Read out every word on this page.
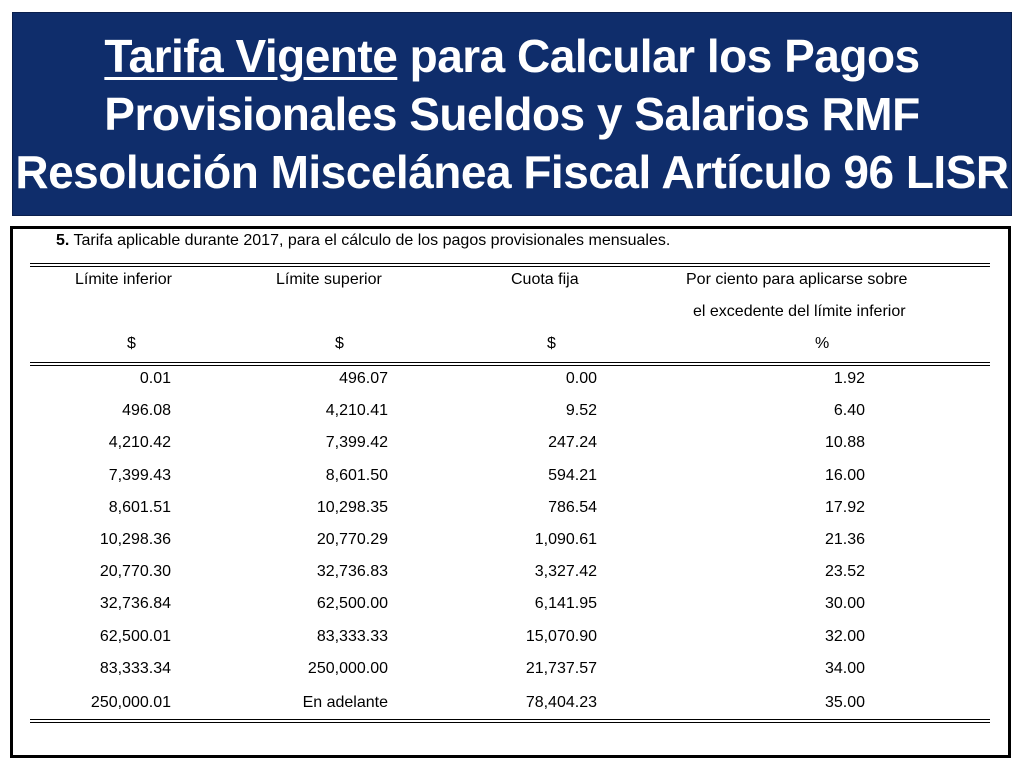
Tarifa Vigente para Calcular los Pagos
Provisionales Sueldos y Salarios RMF
Resolución Miscelánea Fiscal Artículo 96 LISR
5. Tarifa aplicable durante 2017, para el cálculo de los pagos provisionales mensuales.
Límite inferior	Límite superior	Cuota fija	Por ciento para aplicarse sobre
el excedente del límite inferior
$	$	$	%
0.01	496.07	0.00	1.92
496.08	4,210.41	9.52	6.40
4,210.42	7,399.42	247.24	10.88
7,399.43	8,601.50	594.21	16.00
8,601.51	10,298.35	786.54	17.92
10,298.36	20,770.29	1,090.61	21.36
20,770.30	32,736.83	3,327.42	23.52
32,736.84	62,500.00	6,141.95	30.00
62,500.01	83,333.33	15,070.90	32.00
83,333.34	250,000.00	21,737.57	34.00
250,000.01	En adelante	78,404.23	35.00
